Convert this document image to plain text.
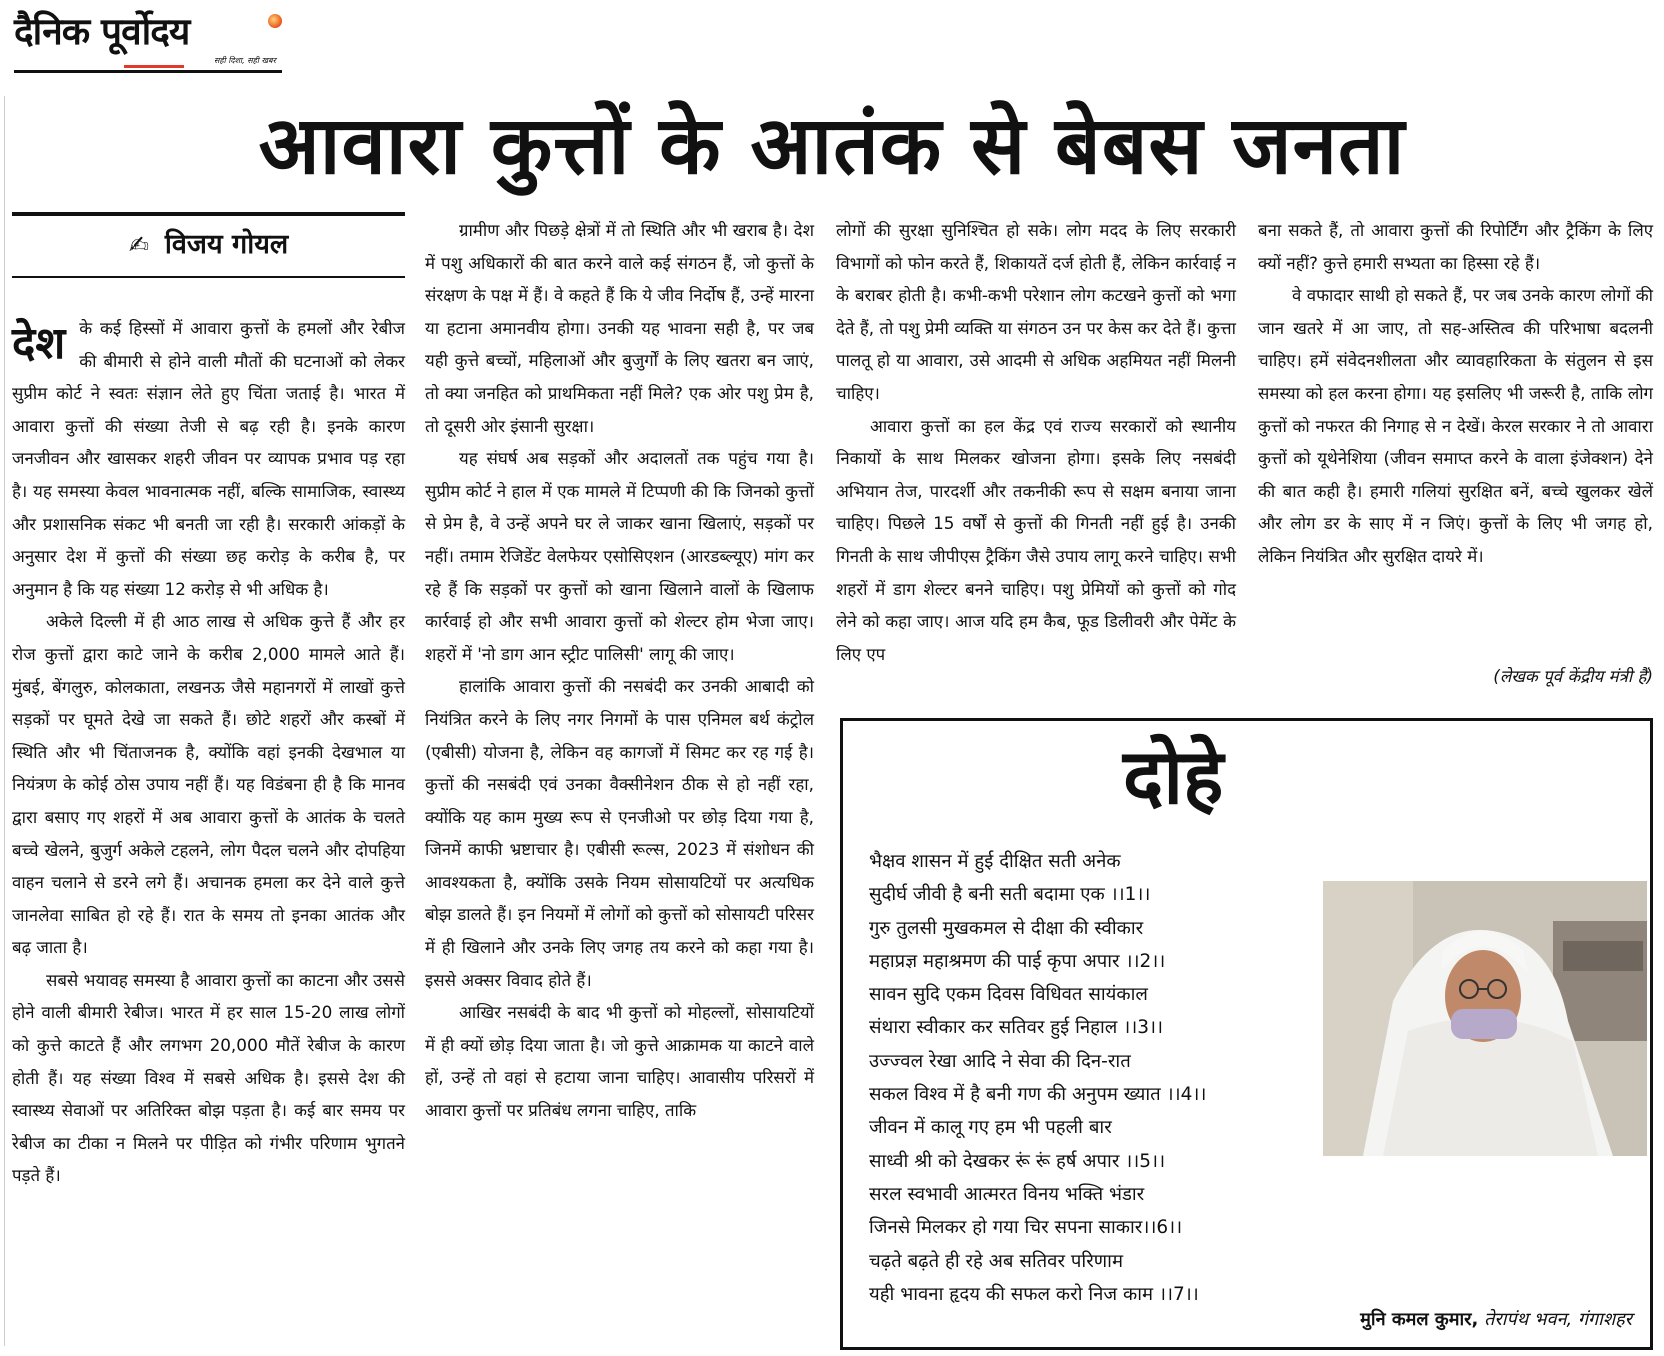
दैनिक पूर्वोदय
सही दिशा, सही खबर
आवारा कुत्तों के आतंक से बेबस जनता
✍ विजय गोयल
देश के कई हिस्सों में आवारा कुत्तों के हमलों और रेबीज की बीमारी से होने वाली मौतों की घटनाओं को लेकर सुप्रीम कोर्ट ने स्वतः संज्ञान लेते हुए चिंता जताई है। भारत में आवारा कुत्तों की संख्या तेजी से बढ़ रही है। इनके कारण जनजीवन और खासकर शहरी जीवन पर व्यापक प्रभाव पड़ रहा है। यह समस्या केवल भावनात्मक नहीं, बल्कि सामाजिक, स्वास्थ्य और प्रशासनिक संकट भी बनती जा रही है। सरकारी आंकड़ों के अनुसार देश में कुत्तों की संख्या छह करोड़ के करीब है, पर अनुमान है कि यह संख्या 12 करोड़ से भी अधिक है।

अकेले दिल्ली में ही आठ लाख से अधिक कुत्ते हैं और हर रोज कुत्तों द्वारा काटे जाने के करीब 2,000 मामले आते हैं। मुंबई, बेंगलुरु, कोलकाता, लखनऊ जैसे महानगरों में लाखों कुत्ते सड़कों पर घूमते देखे जा सकते हैं। छोटे शहरों और कस्बों में स्थिति और भी चिंताजनक है, क्योंकि वहां इनकी देखभाल या नियंत्रण के कोई ठोस उपाय नहीं हैं। यह विडंबना ही है कि मानव द्वारा बसाए गए शहरों में अब आवारा कुत्तों के आतंक के चलते बच्चे खेलने, बुजुर्ग अकेले टहलने, लोग पैदल चलने और दोपहिया वाहन चलाने से डरने लगे हैं। अचानक हमला कर देने वाले कुत्ते जानलेवा साबित हो रहे हैं। रात के समय तो इनका आतंक और बढ़ जाता है।

सबसे भयावह समस्या है आवारा कुत्तों का काटना और उससे होने वाली बीमारी रेबीज। भारत में हर साल 15-20 लाख लोगों को कुत्ते काटते हैं और लगभग 20,000 मौतें रेबीज के कारण होती हैं। यह संख्या विश्व में सबसे अधिक है। इससे देश की स्वास्थ्य सेवाओं पर अतिरिक्त बोझ पड़ता है। कई बार समय पर रेबीज का टीका न मिलने पर पीड़ित को गंभीर परिणाम भुगतने पड़ते हैं।

ग्रामीण और पिछड़े क्षेत्रों में तो स्थिति और भी खराब है। देश में पशु अधिकारों की बात करने वाले कई संगठन हैं, जो कुत्तों के संरक्षण के पक्ष में हैं। वे कहते हैं कि ये जीव निर्दोष हैं, उन्हें मारना या हटाना अमानवीय होगा। उनकी यह भावना सही है, पर जब यही कुत्ते बच्चों, महिलाओं और बुजुर्गों के लिए खतरा बन जाएं, तो क्या जनहित को प्राथमिकता नहीं मिले? एक ओर पशु प्रेम है, तो दूसरी ओर इंसानी सुरक्षा।

यह संघर्ष अब सड़कों और अदालतों तक पहुंच गया है। सुप्रीम कोर्ट ने हाल में एक मामले में टिप्पणी की कि जिनको कुत्तों से प्रेम है, वे उन्हें अपने घर ले जाकर खाना खिलाएं, सड़कों पर नहीं। तमाम रेजिडेंट वेलफेयर एसोसिएशन (आरडब्ल्यूए) मांग कर रहे हैं कि सड़कों पर कुत्तों को खाना खिलाने वालों के खिलाफ कार्रवाई हो और सभी आवारा कुत्तों को शेल्टर होम भेजा जाए। शहरों में 'नो डाग आन स्ट्रीट पालिसी' लागू की जाए।

हालांकि आवारा कुत्तों की नसबंदी कर उनकी आबादी को नियंत्रित करने के लिए नगर निगमों के पास एनिमल बर्थ कंट्रोल (एबीसी) योजना है, लेकिन वह कागजों में सिमट कर रह गई है। कुत्तों की नसबंदी एवं उनका वैक्सीनेशन ठीक से हो नहीं रहा, क्योंकि यह काम मुख्य रूप से एनजीओ पर छोड़ दिया गया है, जिनमें काफी भ्रष्टाचार है। एबीसी रूल्स, 2023 में संशोधन की आवश्यकता है, क्योंकि उसके नियम सोसायटियों पर अत्यधिक बोझ डालते हैं। इन नियमों में लोगों को कुत्तों को सोसायटी परिसर में ही खिलाने और उनके लिए जगह तय करने को कहा गया है। इससे अक्सर विवाद होते हैं।

आखिर नसबंदी के बाद भी कुत्तों को मोहल्लों, सोसायटियों में ही क्यों छोड़ दिया जाता है। जो कुत्ते आक्रामक या काटने वाले हों, उन्हें तो वहां से हटाया जाना चाहिए। आवासीय परिसरों में आवारा कुत्तों पर प्रतिबंध लगना चाहिए, ताकि

लोगों की सुरक्षा सुनिश्चित हो सके। लोग मदद के लिए सरकारी विभागों को फोन करते हैं, शिकायतें दर्ज होती हैं, लेकिन कार्रवाई न के बराबर होती है। कभी-कभी परेशान लोग कटखने कुत्तों को भगा देते हैं, तो पशु प्रेमी व्यक्ति या संगठन उन पर केस कर देते हैं। कुत्ता पालतू हो या आवारा, उसे आदमी से अधिक अहमियत नहीं मिलनी चाहिए।

आवारा कुत्तों का हल केंद्र एवं राज्य सरकारों को स्थानीय निकायों के साथ मिलकर खोजना होगा। इसके लिए नसबंदी अभियान तेज, पारदर्शी और तकनीकी रूप से सक्षम बनाया जाना चाहिए। पिछले 15 वर्षों से कुत्तों की गिनती नहीं हुई है। उनकी गिनती के साथ जीपीएस ट्रैकिंग जैसे उपाय लागू करने चाहिए। सभी शहरों में डाग शेल्टर बनने चाहिए। पशु प्रेमियों को कुत्तों को गोद लेने को कहा जाए। आज यदि हम कैब, फूड डिलीवरी और पेमेंट के लिए एप

बना सकते हैं, तो आवारा कुत्तों की रिपोर्टिंग और ट्रैकिंग के लिए क्यों नहीं? कुत्ते हमारी सभ्यता का हिस्सा रहे हैं।

वे वफादार साथी हो सकते हैं, पर जब उनके कारण लोगों की जान खतरे में आ जाए, तो सह-अस्तित्व की परिभाषा बदलनी चाहिए। हमें संवेदनशीलता और व्यावहारिकता के संतुलन से इस समस्या को हल करना होगा। यह इसलिए भी जरूरी है, ताकि लोग कुत्तों को नफरत की निगाह से न देखें। केरल सरकार ने तो आवारा कुत्तों को यूथेनेशिया (जीवन समाप्त करने के वाला इंजेक्शन) देने की बात कही है। हमारी गलियां सुरक्षित बनें, बच्चे खुलकर खेलें और लोग डर के साए में न जिएं। कुत्तों के लिए भी जगह हो, लेकिन नियंत्रित और सुरक्षित दायरे में।

(लेखक पूर्व केंद्रीय मंत्री हैं)
दोहे
भैक्षव शासन में हुई दीक्षित सती अनेक
सुदीर्घ जीवी है बनी सती बदामा एक ।।1।।
गुरु तुलसी मुखकमल से दीक्षा की स्वीकार
महाप्रज्ञ महाश्रमण की पाई कृपा अपार ।।2।।
सावन सुदि एकम दिवस विधिवत सायंकाल
संथारा स्वीकार कर सतिवर हुई निहाल ।।3।।
उज्ज्वल रेखा आदि ने सेवा की दिन-रात
सकल विश्व में है बनी गण की अनुपम ख्यात ।।4।।
जीवन में कालू गए हम भी पहली बार
साध्वी श्री को देखकर रूं रूं हर्ष अपार ।।5।।
सरल स्वभावी आत्मरत विनय भक्ति भंडार
जिनसे मिलकर हो गया चिर सपना साकार।।6।।
चढ़ते बढ़ते ही रहे अब सतिवर परिणाम
यही भावना हृदय की सफल करो निज काम ।।7।।
मुनि कमल कुमार, तेरापंथ भवन, गंगाशहर
